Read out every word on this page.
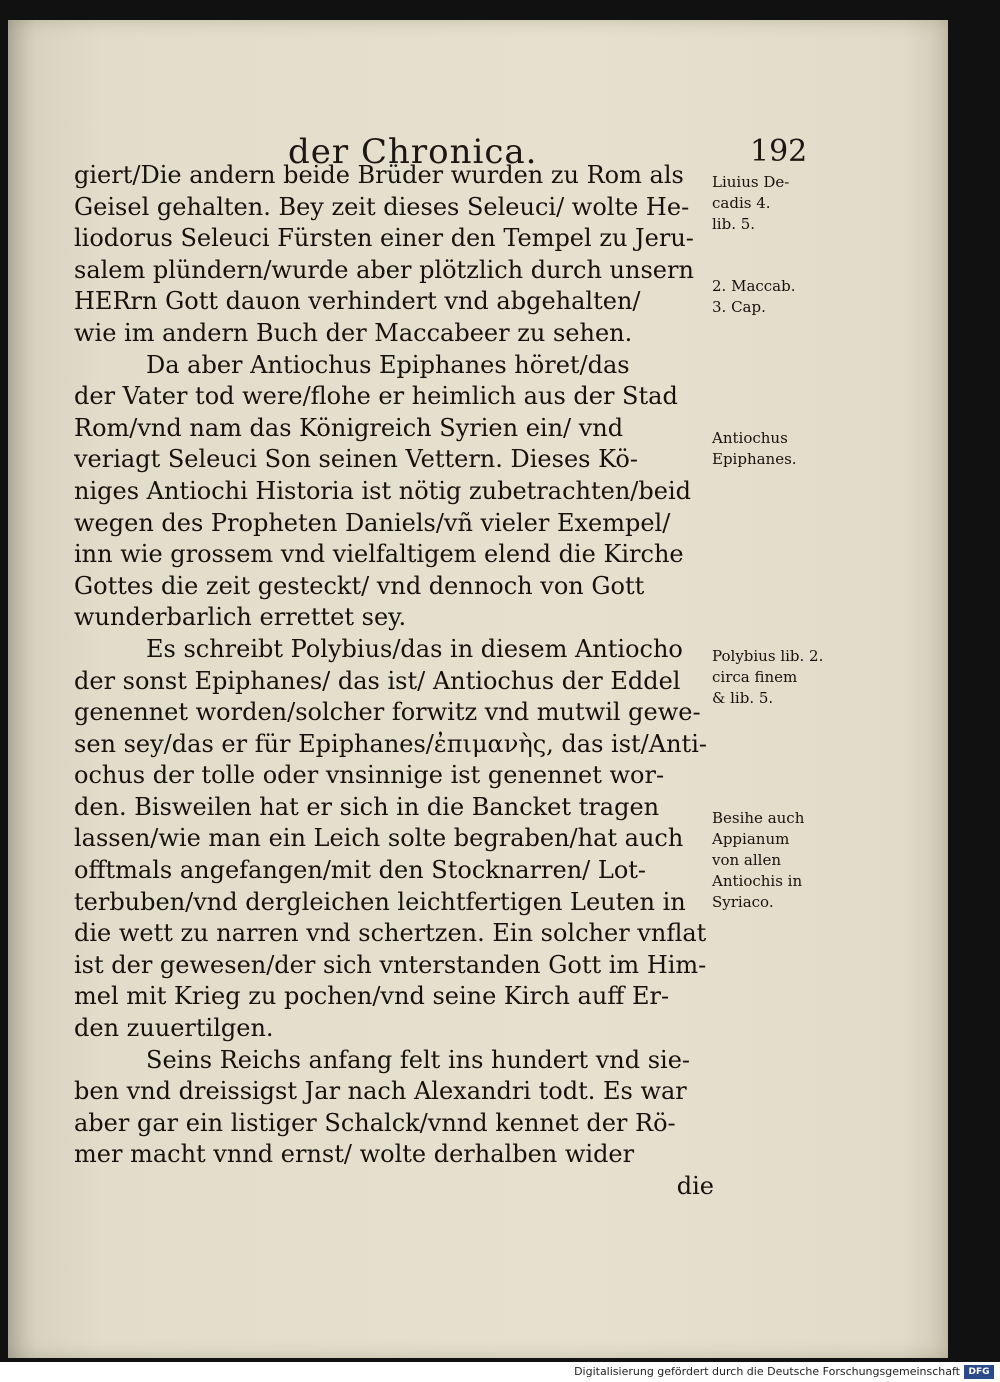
der Chronica.	192
giert/Die andern beide Brüder wurden zu Rom als
Geisel gehalten. Bey zeit dieses Seleuci/ wolte He-
liodorus Seleuci Fürsten einer den Tempel zu Jeru-
salem plündern/wurde aber plötzlich durch unsern
HERrn Gott dauon verhindert vnd abgehalten/
wie im andern Buch der Maccabeer zu sehen.
Da aber Antiochus Epiphanes höret/das
der Vater tod were/flohe er heimlich aus der Stad
Rom/vnd nam das Königreich Syrien ein/ vnd
veriagt Seleuci Son seinen Vettern. Dieses Kö-
niges Antiochi Historia ist nötig zubetrachten/beid
wegen des Propheten Daniels/vñ vieler Exempel/
inn wie grossem vnd vielfaltigem elend die Kirche
Gottes die zeit gesteckt/ vnd dennoch von Gott
wunderbarlich errettet sey.
Es schreibt Polybius/das in diesem Antiocho
der sonst Epiphanes/ das ist/ Antiochus der Eddel
genennet worden/solcher forwitz vnd mutwil gewe-
sen sey/das er für Epiphanes/ἐπιμανὴς, das ist/Anti-
ochus der tolle oder vnsinnige ist genennet wor-
den. Bisweilen hat er sich in die Bancket tragen
lassen/wie man ein Leich solte begraben/hat auch
offtmals angefangen/mit den Stocknarren/ Lot-
terbuben/vnd dergleichen leichtfertigen Leuten in
die wett zu narren vnd schertzen. Ein solcher vnflat
ist der gewesen/der sich vnterstanden Gott im Him-
mel mit Krieg zu pochen/vnd seine Kirch auff Er-
den zuuertilgen.
Seins Reichs anfang felt ins hundert vnd sie-
ben vnd dreissigst Jar nach Alexandri todt. Es war
aber gar ein listiger Schalck/vnnd kennet der Rö-
mer macht vnnd ernst/ wolte derhalben wider
die
Liuius De-
cadis 4.
lib. 5.
2. Maccab.
3. Cap.
Antiochus
Epiphanes.
Polybius lib. 2.
circa finem
& lib. 5.
Besihe auch
Appianum
von allen
Antiochis in
Syriaco.
Digitalisierung gefördert durch die Deutsche Forschungsgemeinschaft DFG
